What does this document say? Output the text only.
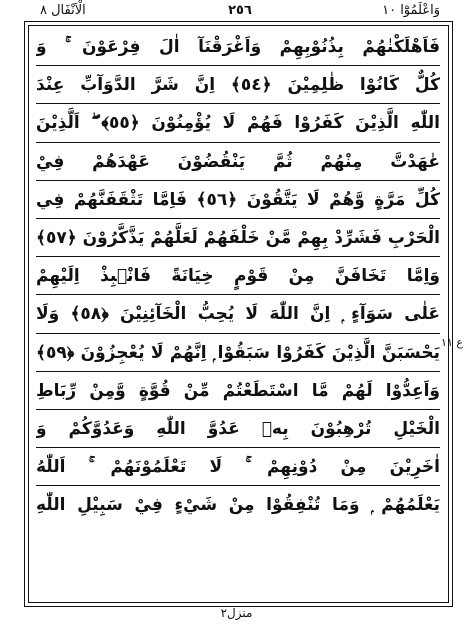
وَاعْلَمُوْٓا ١٠
٢٥٦
الْاَنْفَال ٨
فَاَهْلَكْنٰهُمْ بِذُنُوْبِهِمْ وَاَغْرَقْنَآ اٰلَ فِرْعَوْنَ ۚ وَ
كُلٌّ كَانُوْا ظٰلِمِيْنَ ﴿٥٤﴾ اِنَّ شَرَّ الدَّوَآبِّ عِنْدَ
اللّٰهِ الَّذِيْنَ كَفَرُوْا فَهُمْ لَا يُؤْمِنُوْنَ ﴿٥٥﴾ ۖ اَلَّذِيْنَ
عٰهَدْتَّ مِنْهُمْ ثُمَّ يَنْقُضُوْنَ عَهْدَهُمْ فِيْ
كُلِّ مَرَّةٍ وَّهُمْ لَا يَتَّقُوْنَ ﴿٥٦﴾ فَاِمَّا تَثْقَفَنَّهُمْ فِي
الْحَرْبِ فَشَرِّدْ بِهِمْ مَّنْ خَلْفَهُمْ لَعَلَّهُمْ يَذَّكَّرُوْنَ ﴿٥٧﴾
وَاِمَّا تَخَافَنَّ مِنْ قَوْمٍ خِيَانَةً فَانْۢبِذْ اِلَيْهِمْ
عَلٰى سَوَآءٍ ۭ اِنَّ اللّٰهَ لَا يُحِبُّ الْخَآئِنِيْنَ ﴿٥٨﴾ وَلَا
يَحْسَبَنَّ الَّذِيْنَ كَفَرُوْا سَبَقُوْا ۭ اِنَّهُمْ لَا يُعْجِزُوْنَ ﴿٥٩﴾
وَاَعِدُّوْا لَهُمْ مَّا اسْتَطَعْتُمْ مِّنْ قُوَّةٍ وَّمِنْ رِّبَاطِ
الْخَيْلِ تُرْهِبُوْنَ بِهٖ عَدُوَّ اللّٰهِ وَعَدُوَّكُمْ وَ
اٰخَرِيْنَ مِنْ دُوْنِهِمْ ۚ لَا تَعْلَمُوْنَهُمْ ۚ اَللّٰهُ
يَعْلَمُهُمْ ۭ وَمَا تُنْفِقُوْا مِنْ شَيْءٍ فِيْ سَبِيْلِ اللّٰهِ
ع ١١
منزل٢
